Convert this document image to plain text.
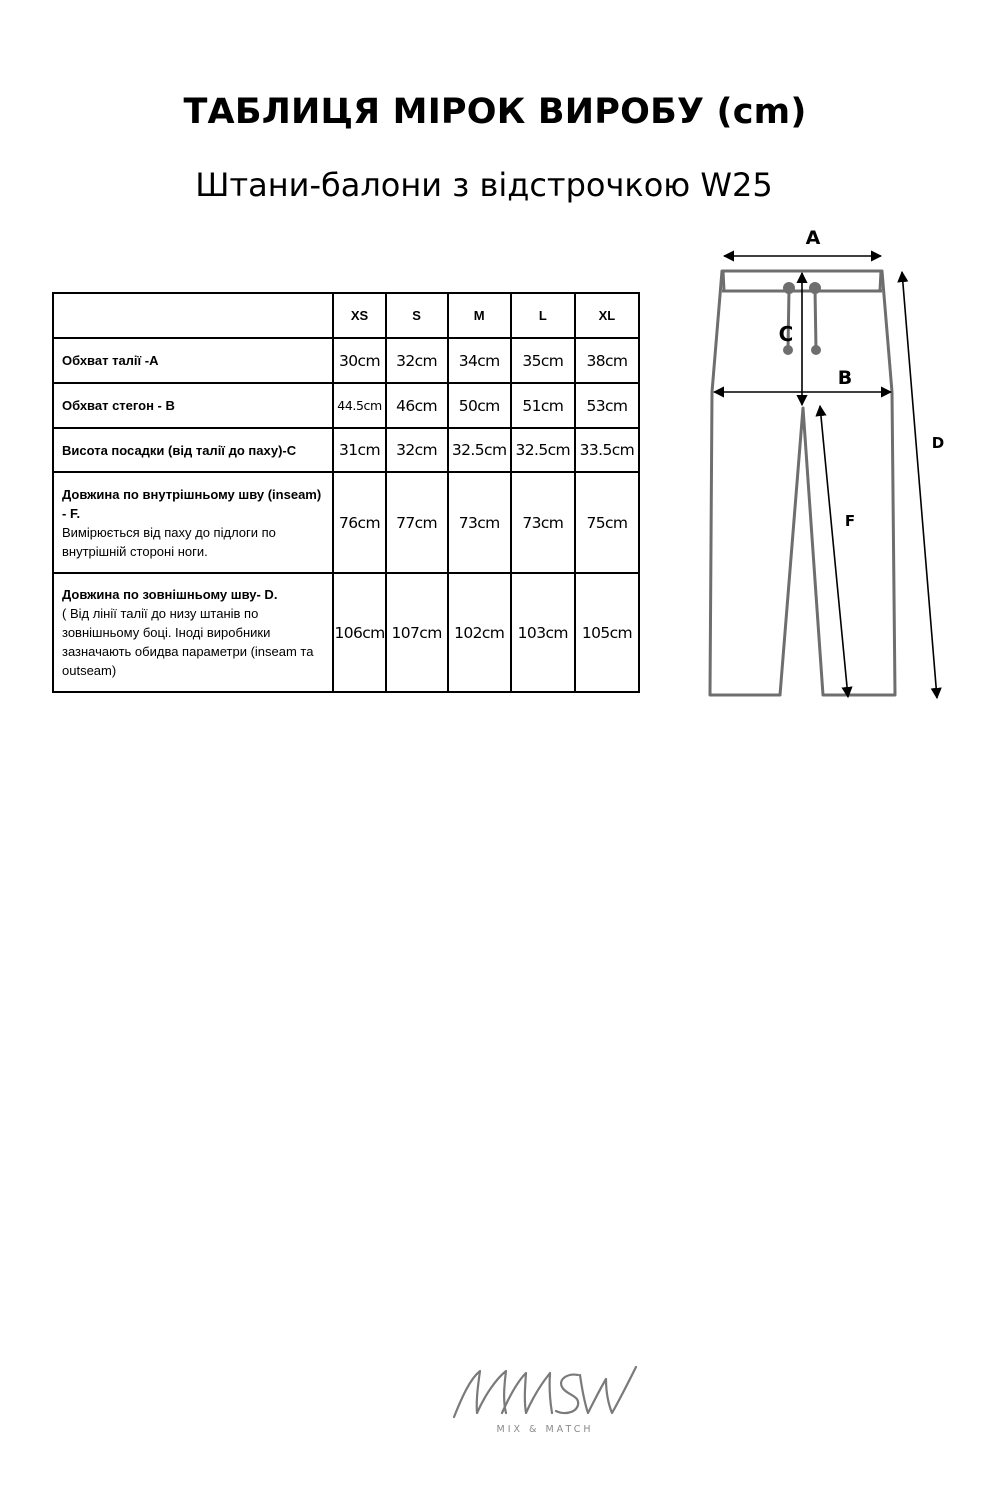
ТАБЛИЦЯ МІРОК ВИРОБУ (cm)
Штани-балони з відстрочкою W25
	XS	S	M	L	XL
Обхват талії -А	30cm	32cm	34cm	35cm	38cm
Обхват стегон - В	44.5cm	46cm	50cm	51cm	53cm
Висота посадки (від талії до паху)-С	31cm	32cm	32.5cm	32.5cm	33.5cm
Довжина по внутрішньому шву (inseam) - F.
Вимірюється від паху до підлоги по внутрішній стороні ноги.	76cm	77cm	73cm	73cm	75cm
Довжина по зовнішньому шву- D.
( Від лінії талії до низу штанів по зовнішньому боці. Іноді виробники зазначають обидва параметри (inseam та outseam)	106cm	107cm	102cm	103cm	105cm
A
B
C
D
F
MIX & MATCH
